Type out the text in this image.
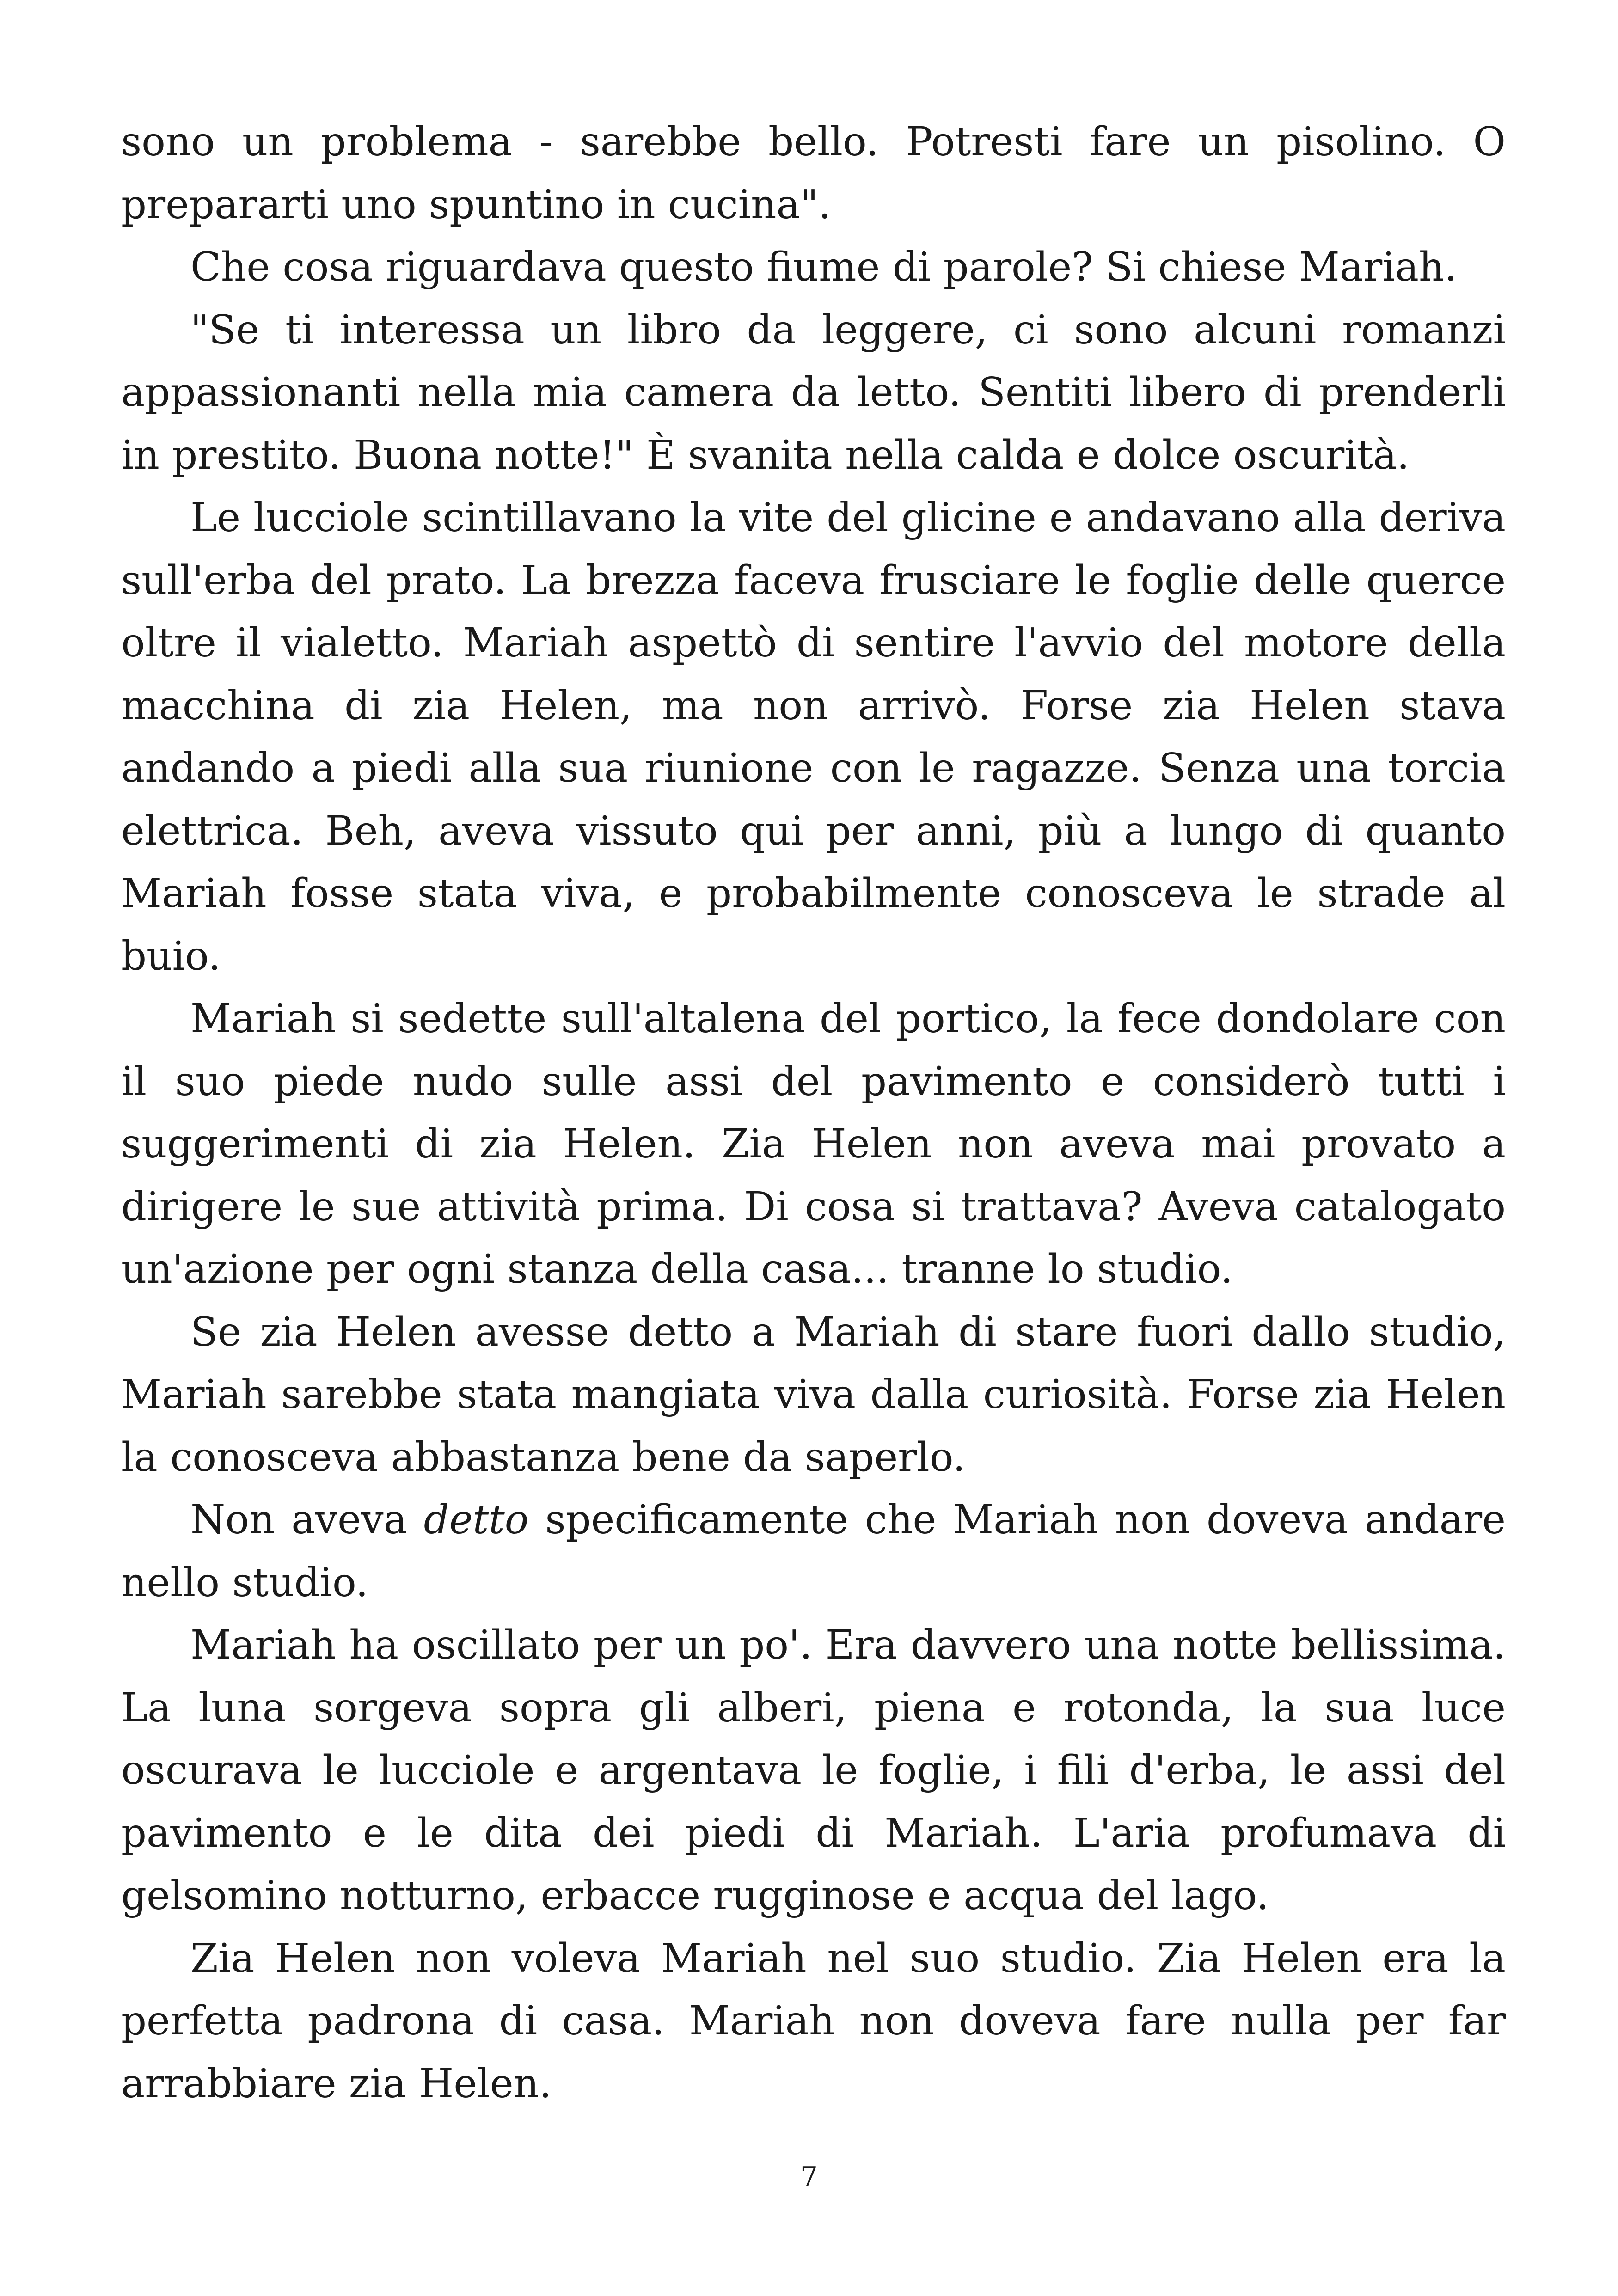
sono un problema - sarebbe bello. Potresti fare un pisolino. O prepararti uno spuntino in cucina".

Che cosa riguardava questo fiume di parole? Si chiese Mariah.

"Se ti interessa un libro da leggere, ci sono alcuni romanzi appassionanti nella mia camera da letto. Sentiti libero di prenderli in prestito. Buona notte!" È svanita nella calda e dolce oscurità.

Le lucciole scintillavano la vite del glicine e andavano alla deriva sull'erba del prato. La brezza faceva frusciare le foglie delle querce oltre il vialetto. Mariah aspettò di sentire l'avvio del motore della macchina di zia Helen, ma non arrivò. Forse zia Helen stava andando a piedi alla sua riunione con le ragazze. Senza una torcia elettrica. Beh, aveva vissuto qui per anni, più a lungo di quanto Mariah fosse stata viva, e probabilmente conosceva le strade al buio.

Mariah si sedette sull'altalena del portico, la fece dondolare con il suo piede nudo sulle assi del pavimento e considerò tutti i suggerimenti di zia Helen. Zia Helen non aveva mai provato a dirigere le sue attività prima. Di cosa si trattava? Aveva catalogato un'azione per ogni stanza della casa... tranne lo studio.

Se zia Helen avesse detto a Mariah di stare fuori dallo studio, Mariah sarebbe stata mangiata viva dalla curiosità. Forse zia Helen la conosceva abbastanza bene da saperlo.

Non aveva detto specificamente che Mariah non doveva andare nello studio.

Mariah ha oscillato per un po'. Era davvero una notte bellissima. La luna sorgeva sopra gli alberi, piena e rotonda, la sua luce oscurava le lucciole e argentava le foglie, i fili d'erba, le assi del pavimento e le dita dei piedi di Mariah. L'aria profumava di gelsomino notturno, erbacce rugginose e acqua del lago.

Zia Helen non voleva Mariah nel suo studio. Zia Helen era la perfetta padrona di casa. Mariah non doveva fare nulla per far arrabbiare zia Helen.

7
